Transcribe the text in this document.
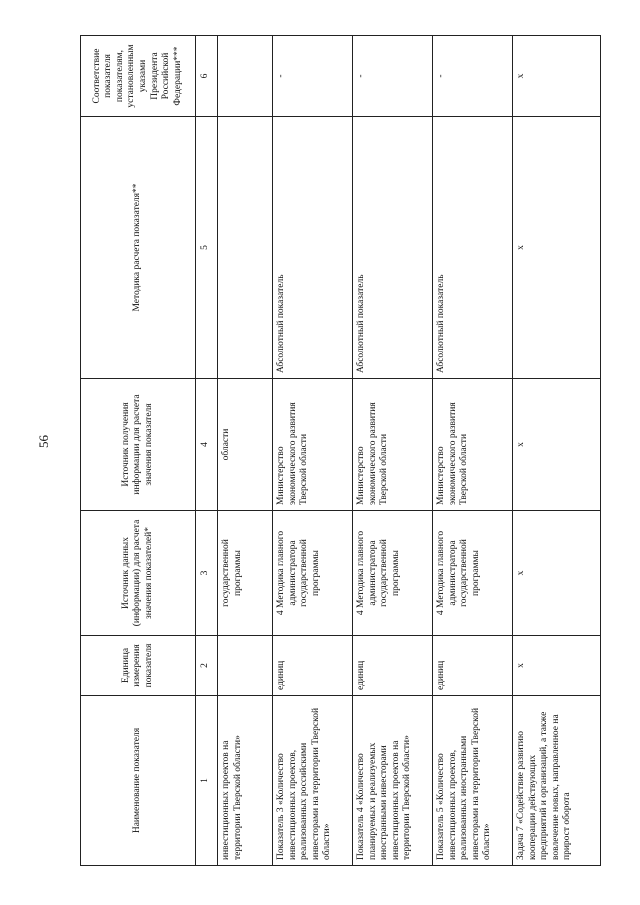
56
Наименование показателя	Единица измерения показателя	Источник данных (информации) для расчета значения показателей*	Источник получения информации для расчета значения показателя	Методика расчета показателя**	Соответствие показателя показателям, установленным указами Президента Российской Федерации***
1	2	3	4	5	6
инвестиционных проектов на территории Тверской области»		государственной программы	области		
Показатель 3 «Количество инвестиционных проектов, реализованных российскими инвесторами на территории Тверской области»	единиц	4 Методика главного администратора государственной программы	Министерство экономического развития Тверской области	Абсолютный показатель	-
Показатель 4 «Количество планируемых и реализуемых иностранными инвесторами инвестиционных проектов на территории Тверской области»	единиц	4 Методика главного администратора государственной программы	Министерство экономического развития Тверской области	Абсолютный показатель	-
Показатель 5 «Количество инвестиционных проектов, реализованных иностранными инвесторами на территории Тверской области»	единиц	4 Методика главного администратора государственной программы	Министерство экономического развития Тверской области	Абсолютный показатель	-
Задача 7 «Содействие развитию кооперации действующих предприятий и организаций, а также вовлечение новых, направленное на прирост оборота	x	x	x	x	x
